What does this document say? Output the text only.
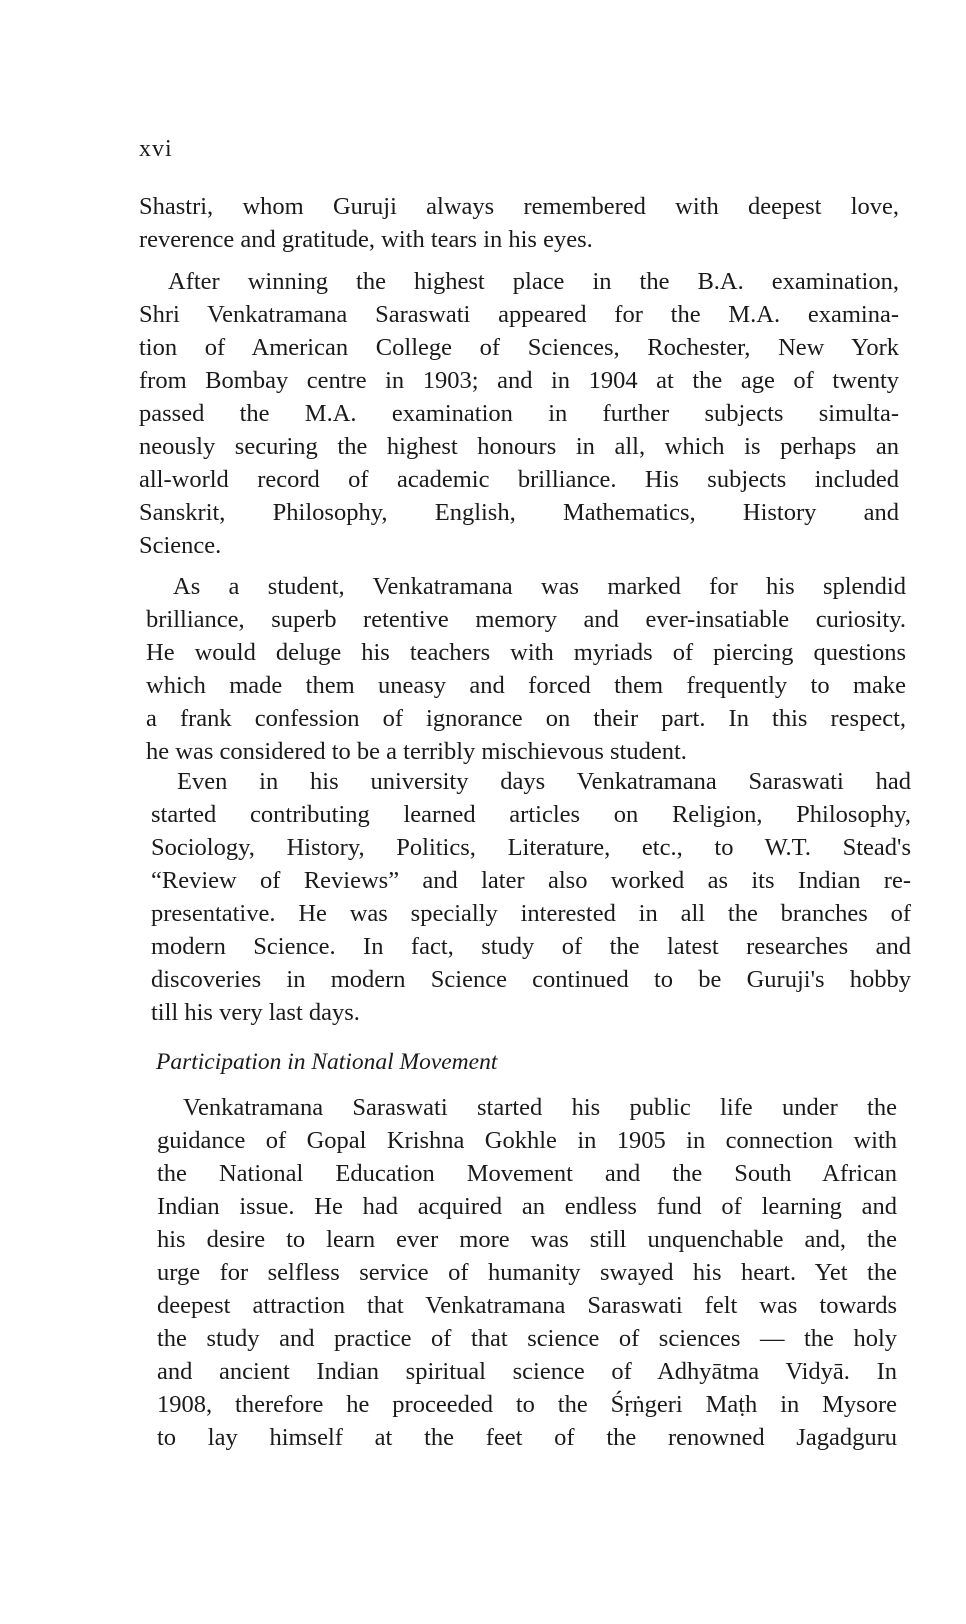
xvi
Shastri, whom Guruji always remembered with deepest love,
reverence and gratitude, with tears in his eyes.
After winning the highest place in the B.A. examination,
Shri Venkatramana Saraswati appeared for the M.A. examina-
tion of American College of Sciences, Rochester, New York
from Bombay centre in 1903; and in 1904 at the age of twenty
passed the M.A. examination in further subjects simulta-
neously securing the highest honours in all, which is perhaps an
all-world record of academic brilliance. His subjects included
Sanskrit, Philosophy, English, Mathematics, History and
Science.
As a student, Venkatramana was marked for his splendid
brilliance, superb retentive memory and ever-insatiable curiosity.
He would deluge his teachers with myriads of piercing questions
which made them uneasy and forced them frequently to make
a frank confession of ignorance on their part. In this respect,
he was considered to be a terribly mischievous student.
Even in his university days Venkatramana Saraswati had
started contributing learned articles on Religion, Philosophy,
Sociology, History, Politics, Literature, etc., to W.T. Stead's
“Review of Reviews” and later also worked as its Indian re-
presentative. He was specially interested in all the branches of
modern Science. In fact, study of the latest researches and
discoveries in modern Science continued to be Guruji's hobby
till his very last days.
Participation in National Movement
Venkatramana Saraswati started his public life under the
guidance of Gopal Krishna Gokhle in 1905 in connection with
the National Education Movement and the South African
Indian issue. He had acquired an endless fund of learning and
his desire to learn ever more was still unquenchable and, the
urge for selfless service of humanity swayed his heart. Yet the
deepest attraction that Venkatramana Saraswati felt was towards
the study and practice of that science of sciences — the holy
and ancient Indian spiritual science of Adhyātma Vidyā. In
1908, therefore he proceeded to the Śṛṅgeri Maṭh in Mysore
to lay himself at the feet of the renowned Jagadguru
